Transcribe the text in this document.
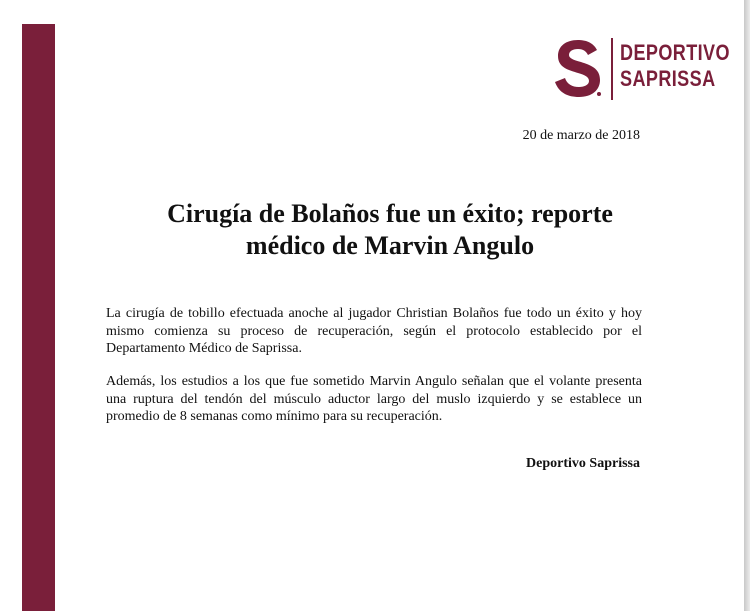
DEPORTIVO
SAPRISSA
20 de marzo de 2018
Cirugía de Bolaños fue un éxito; reporte
médico de Marvin Angulo

La cirugía de tobillo efectuada anoche al jugador Christian Bolaños fue todo un éxito y hoy mismo comienza su proceso de recuperación, según el protocolo establecido por el Departamento Médico de Saprissa.

Además, los estudios a los que fue sometido Marvin Angulo señalan que el volante presenta una ruptura del tendón del músculo aductor largo del muslo izquierdo y se establece un promedio de 8 semanas como mínimo para su recuperación.

Deportivo Saprissa
